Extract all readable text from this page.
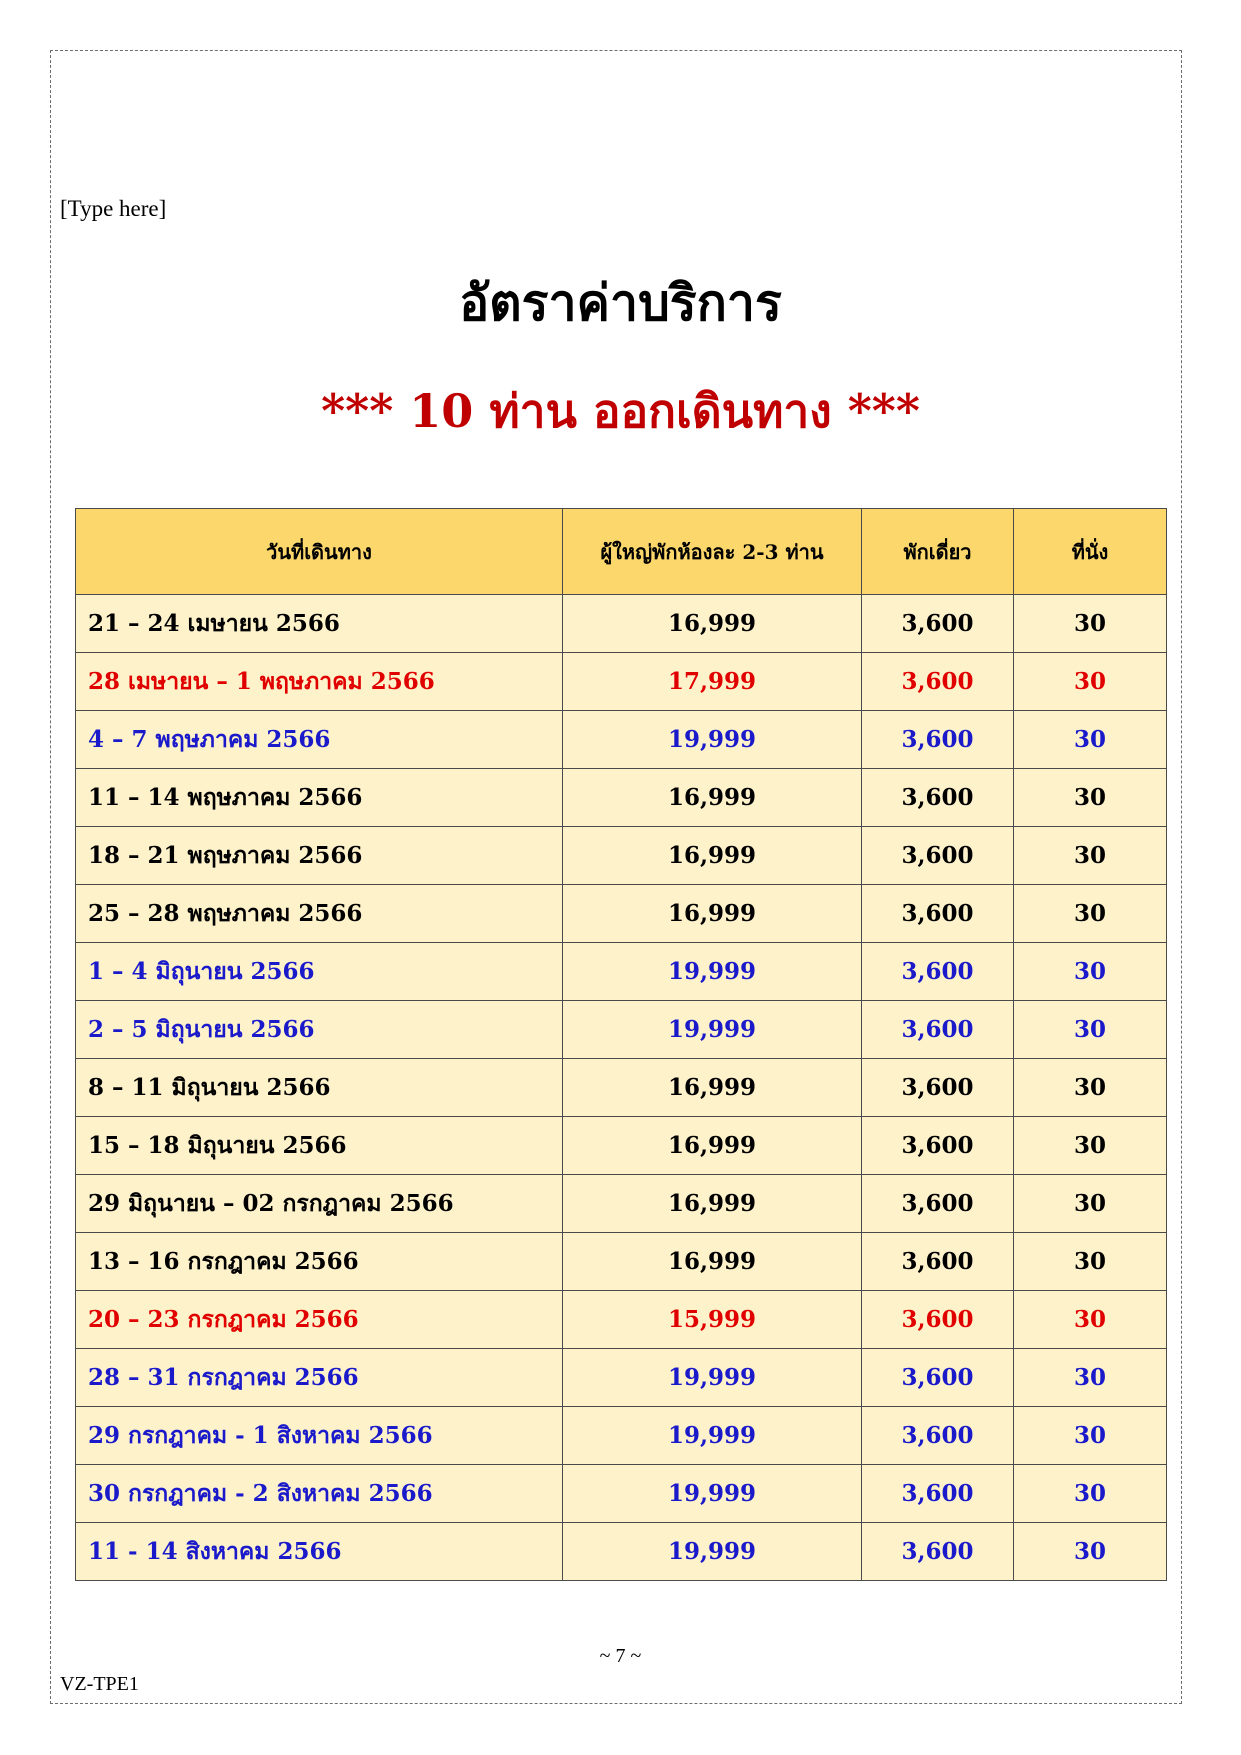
[Type here]
อัตราค่าบริการ
*** 10 ท่าน ออกเดินทาง ***
วันที่เดินทาง	ผู้ใหญ่พักห้องละ 2-3 ท่าน	พักเดี่ยว	ที่นั่ง
21 – 24 เมษายน 2566	16,999	3,600	30
28 เมษายน – 1 พฤษภาคม 2566	17,999	3,600	30
4 – 7 พฤษภาคม 2566	19,999	3,600	30
11 – 14 พฤษภาคม 2566	16,999	3,600	30
18 – 21 พฤษภาคม 2566	16,999	3,600	30
25 – 28 พฤษภาคม 2566	16,999	3,600	30
1 – 4 มิถุนายน 2566	19,999	3,600	30
2 – 5 มิถุนายน 2566	19,999	3,600	30
8 – 11 มิถุนายน 2566	16,999	3,600	30
15 – 18 มิถุนายน 2566	16,999	3,600	30
29 มิถุนายน – 02 กรกฎาคม 2566	16,999	3,600	30
13 – 16 กรกฎาคม 2566	16,999	3,600	30
20 – 23 กรกฎาคม 2566	15,999	3,600	30
28 – 31 กรกฎาคม 2566	19,999	3,600	30
29 กรกฎาคม - 1 สิงหาคม 2566	19,999	3,600	30
30 กรกฎาคม - 2 สิงหาคม 2566	19,999	3,600	30
11 - 14 สิงหาคม 2566	19,999	3,600	30
~ 7 ~
VZ-TPE1
